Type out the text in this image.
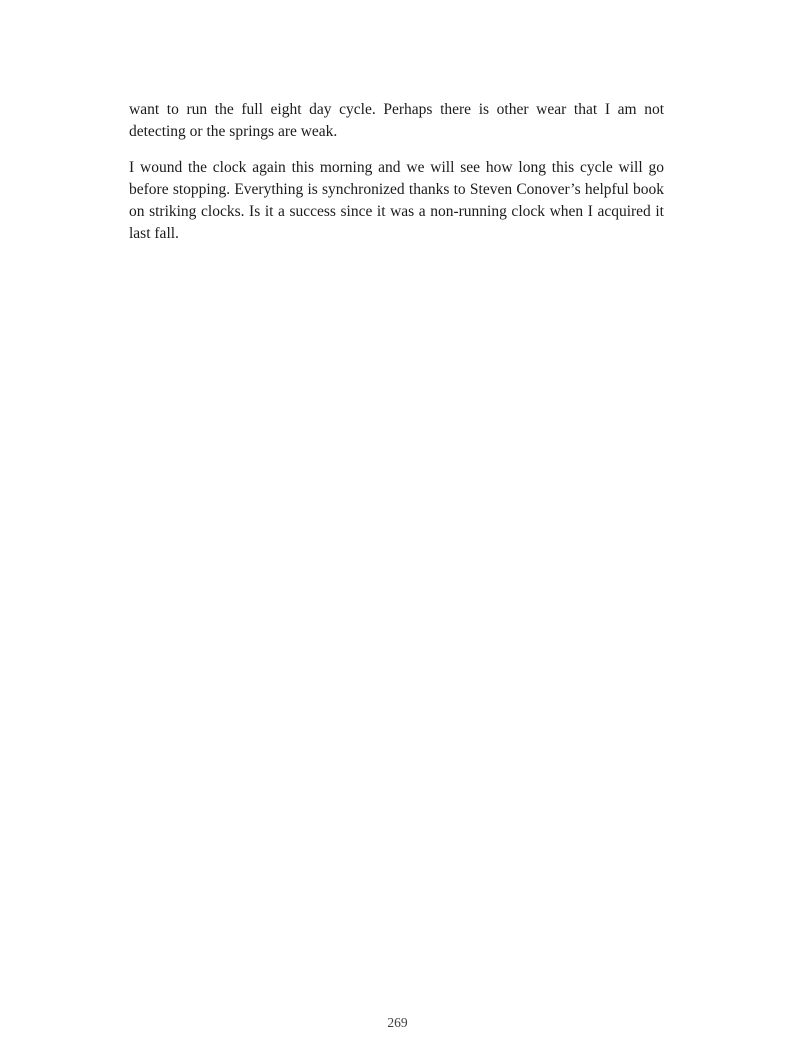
want to run the full eight day cycle. Perhaps there is other wear that I am not detecting or the springs are weak.

I wound the clock again this morning and we will see how long this cycle will go before stopping. Everything is synchronized thanks to Steven Conover’s helpful book on striking clocks. Is it a success since it was a non-running clock when I acquired it last fall.

269
